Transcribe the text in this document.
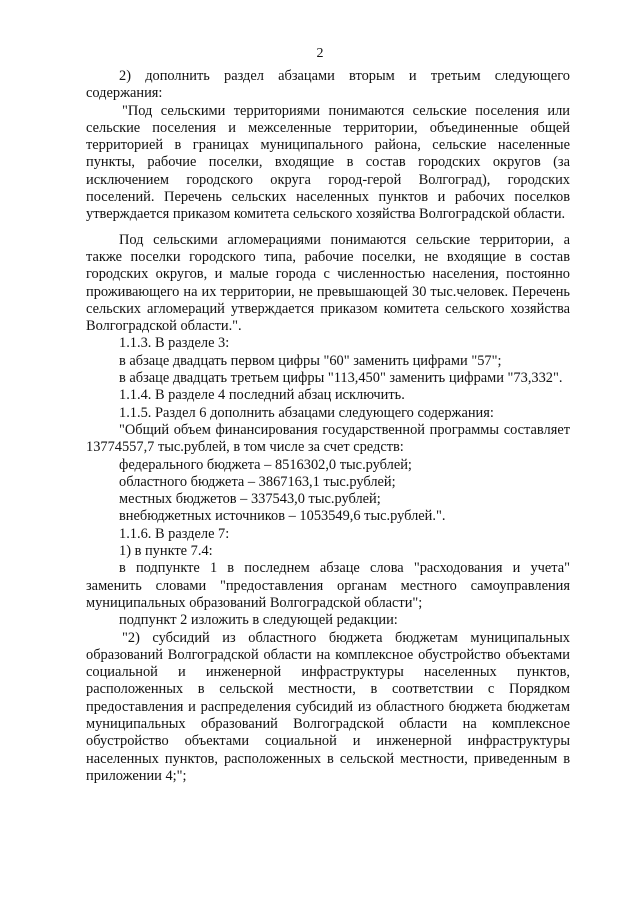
2

2) дополнить раздел абзацами вторым и третьим следующего содержания:

"Под сельскими территориями понимаются сельские поселения или сельские поселения и межселенные территории, объединенные общей территорией в границах муниципального района, сельские населенные пункты, рабочие поселки, входящие в состав городских округов (за исключением городского округа город-герой Волгоград), городских поселений. Перечень сельских населенных пунктов и рабочих поселков утверждается приказом комитета сельского хозяйства Волгоградской области.

Под сельскими агломерациями понимаются сельские территории, а также поселки городского типа, рабочие поселки, не входящие в состав городских округов, и малые города с численностью населения, постоянно проживающего на их территории, не превышающей 30 тыс.человек. Перечень сельских агломераций утверждается приказом комитета сельского хозяйства Волгоградской области.".

1.1.3. В разделе 3:

в абзаце двадцать первом цифры "60" заменить цифрами "57";

в абзаце двадцать третьем цифры "113,450" заменить цифрами "73,332".

1.1.4. В разделе 4 последний абзац исключить.

1.1.5. Раздел 6 дополнить абзацами следующего содержания:

"Общий объем финансирования государственной программы составляет 13774557,7 тыс.рублей, в том числе за счет средств:

федерального бюджета – 8516302,0 тыс.рублей;

областного бюджета – 3867163,1 тыс.рублей;

местных бюджетов – 337543,0 тыс.рублей;

внебюджетных источников – 1053549,6 тыс.рублей.".

1.1.6. В разделе 7:

1) в пункте 7.4:

в подпункте 1 в последнем абзаце слова "расходования и учета" заменить словами "предоставления органам местного самоуправления муниципальных образований Волгоградской области";

подпункт 2 изложить в следующей редакции:

"2) субсидий из областного бюджета бюджетам муниципальных образований Волгоградской области на комплексное обустройство объектами социальной и инженерной инфраструктуры населенных пунктов, расположенных в сельской местности, в соответствии с Порядком предоставления и распределения субсидий из областного бюджета бюджетам муниципальных образований Волгоградской области на комплексное обустройство объектами социальной и инженерной инфраструктуры населенных пунктов, расположенных в сельской местности, приведенным в приложении 4;";
